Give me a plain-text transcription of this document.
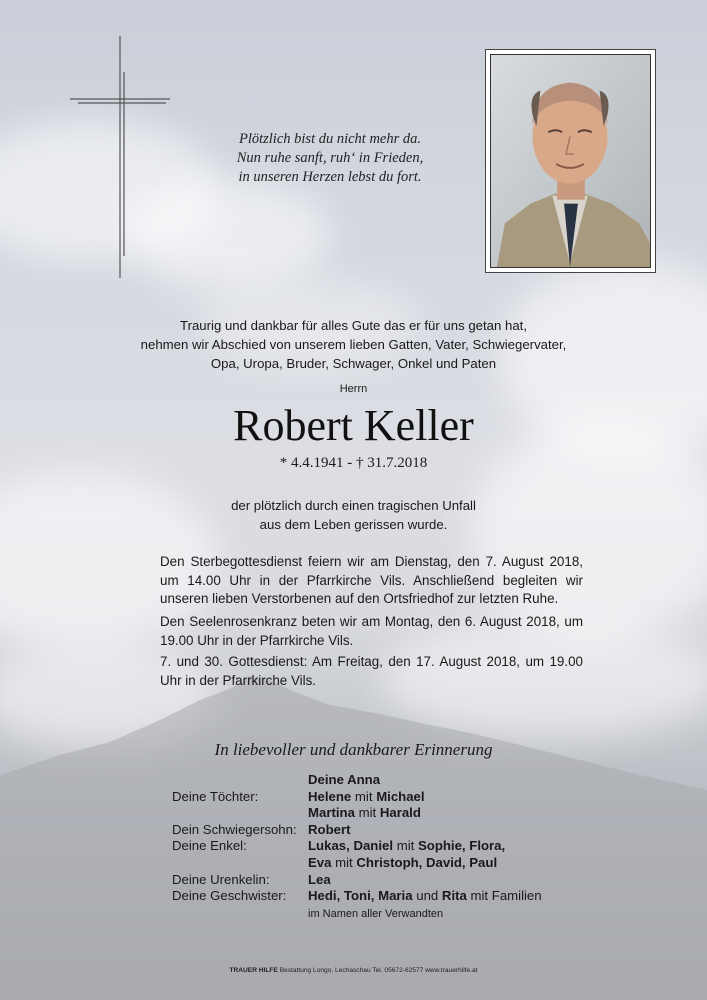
Plötzlich bist du nicht mehr da.
Nun ruhe sanft, ruh‘ in Frieden,
in unseren Herzen lebst du fort.
Traurig und dankbar für alles Gute das er für uns getan hat,
nehmen wir Abschied von unserem lieben Gatten, Vater, Schwiegervater,
Opa, Uropa, Bruder, Schwager, Onkel und Paten
Herrn
Robert Keller
* 4.4.1941 - † 31.7.2018
der plötzlich durch einen tragischen Unfall
aus dem Leben gerissen wurde.
Den Sterbegottesdienst feiern wir am Dienstag, den 7. August 2018, um 14.00 Uhr in der Pfarrkirche Vils. Anschließend begleiten wir unseren lieben Verstorbenen auf den Ortsfriedhof zur letzten Ruhe.
Den Seelenrosenkranz beten wir am Montag, den 6. August 2018, um 19.00 Uhr in der Pfarrkirche Vils.
7. und 30. Gottesdienst: Am Freitag, den 17. August 2018, um 19.00 Uhr in der Pfarrkirche Vils.
In liebevoller und dankbarer Erinnerung
Deine Anna
Deine Töchter:	Helene mit Michael
Martina mit Harald
Dein Schwiegersohn: Robert
Deine Enkel:	Lukas, Daniel mit Sophie, Flora,
Eva mit Christoph, David, Paul
Deine Urenkelin:	Lea
Deine Geschwister:	Hedi, Toni, Maria und Rita mit Familien
im Namen aller Verwandten
TRAUER HILFE Bestattung Longo, Lechaschau Tel. 05672-62577 www.trauerhilfe.at
